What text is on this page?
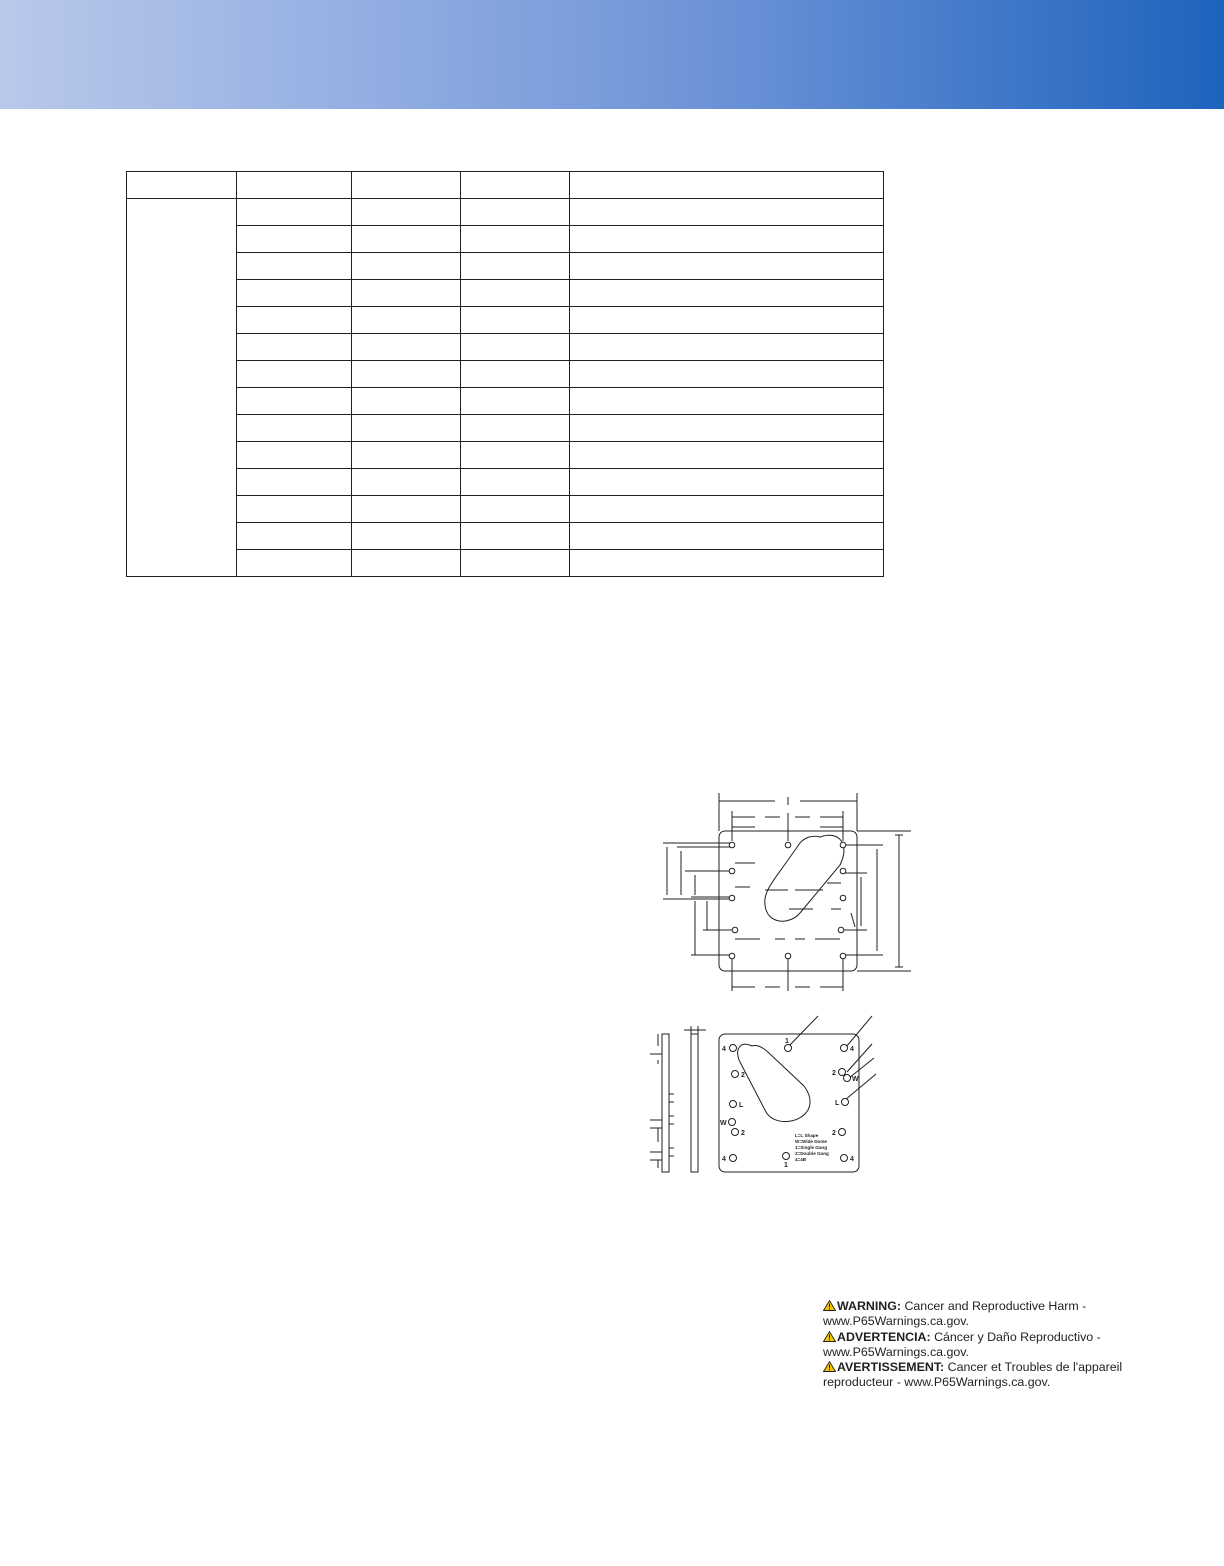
4	4
1
2	2
W
L	L
W
2	2
4
1
4
L=L Shape
W=Wide Dome
1=Single Gang
2=Double Gang
4=4B

WARNING: Cancer and Reproductive Harm - www.P65Warnings.ca.gov.

ADVERTENCIA: Cáncer y Daño Reproductivo - www.P65Warnings.ca.gov.

AVERTISSEMENT: Cancer et Troubles de l'appareil reproducteur - www.P65Warnings.ca.gov.
